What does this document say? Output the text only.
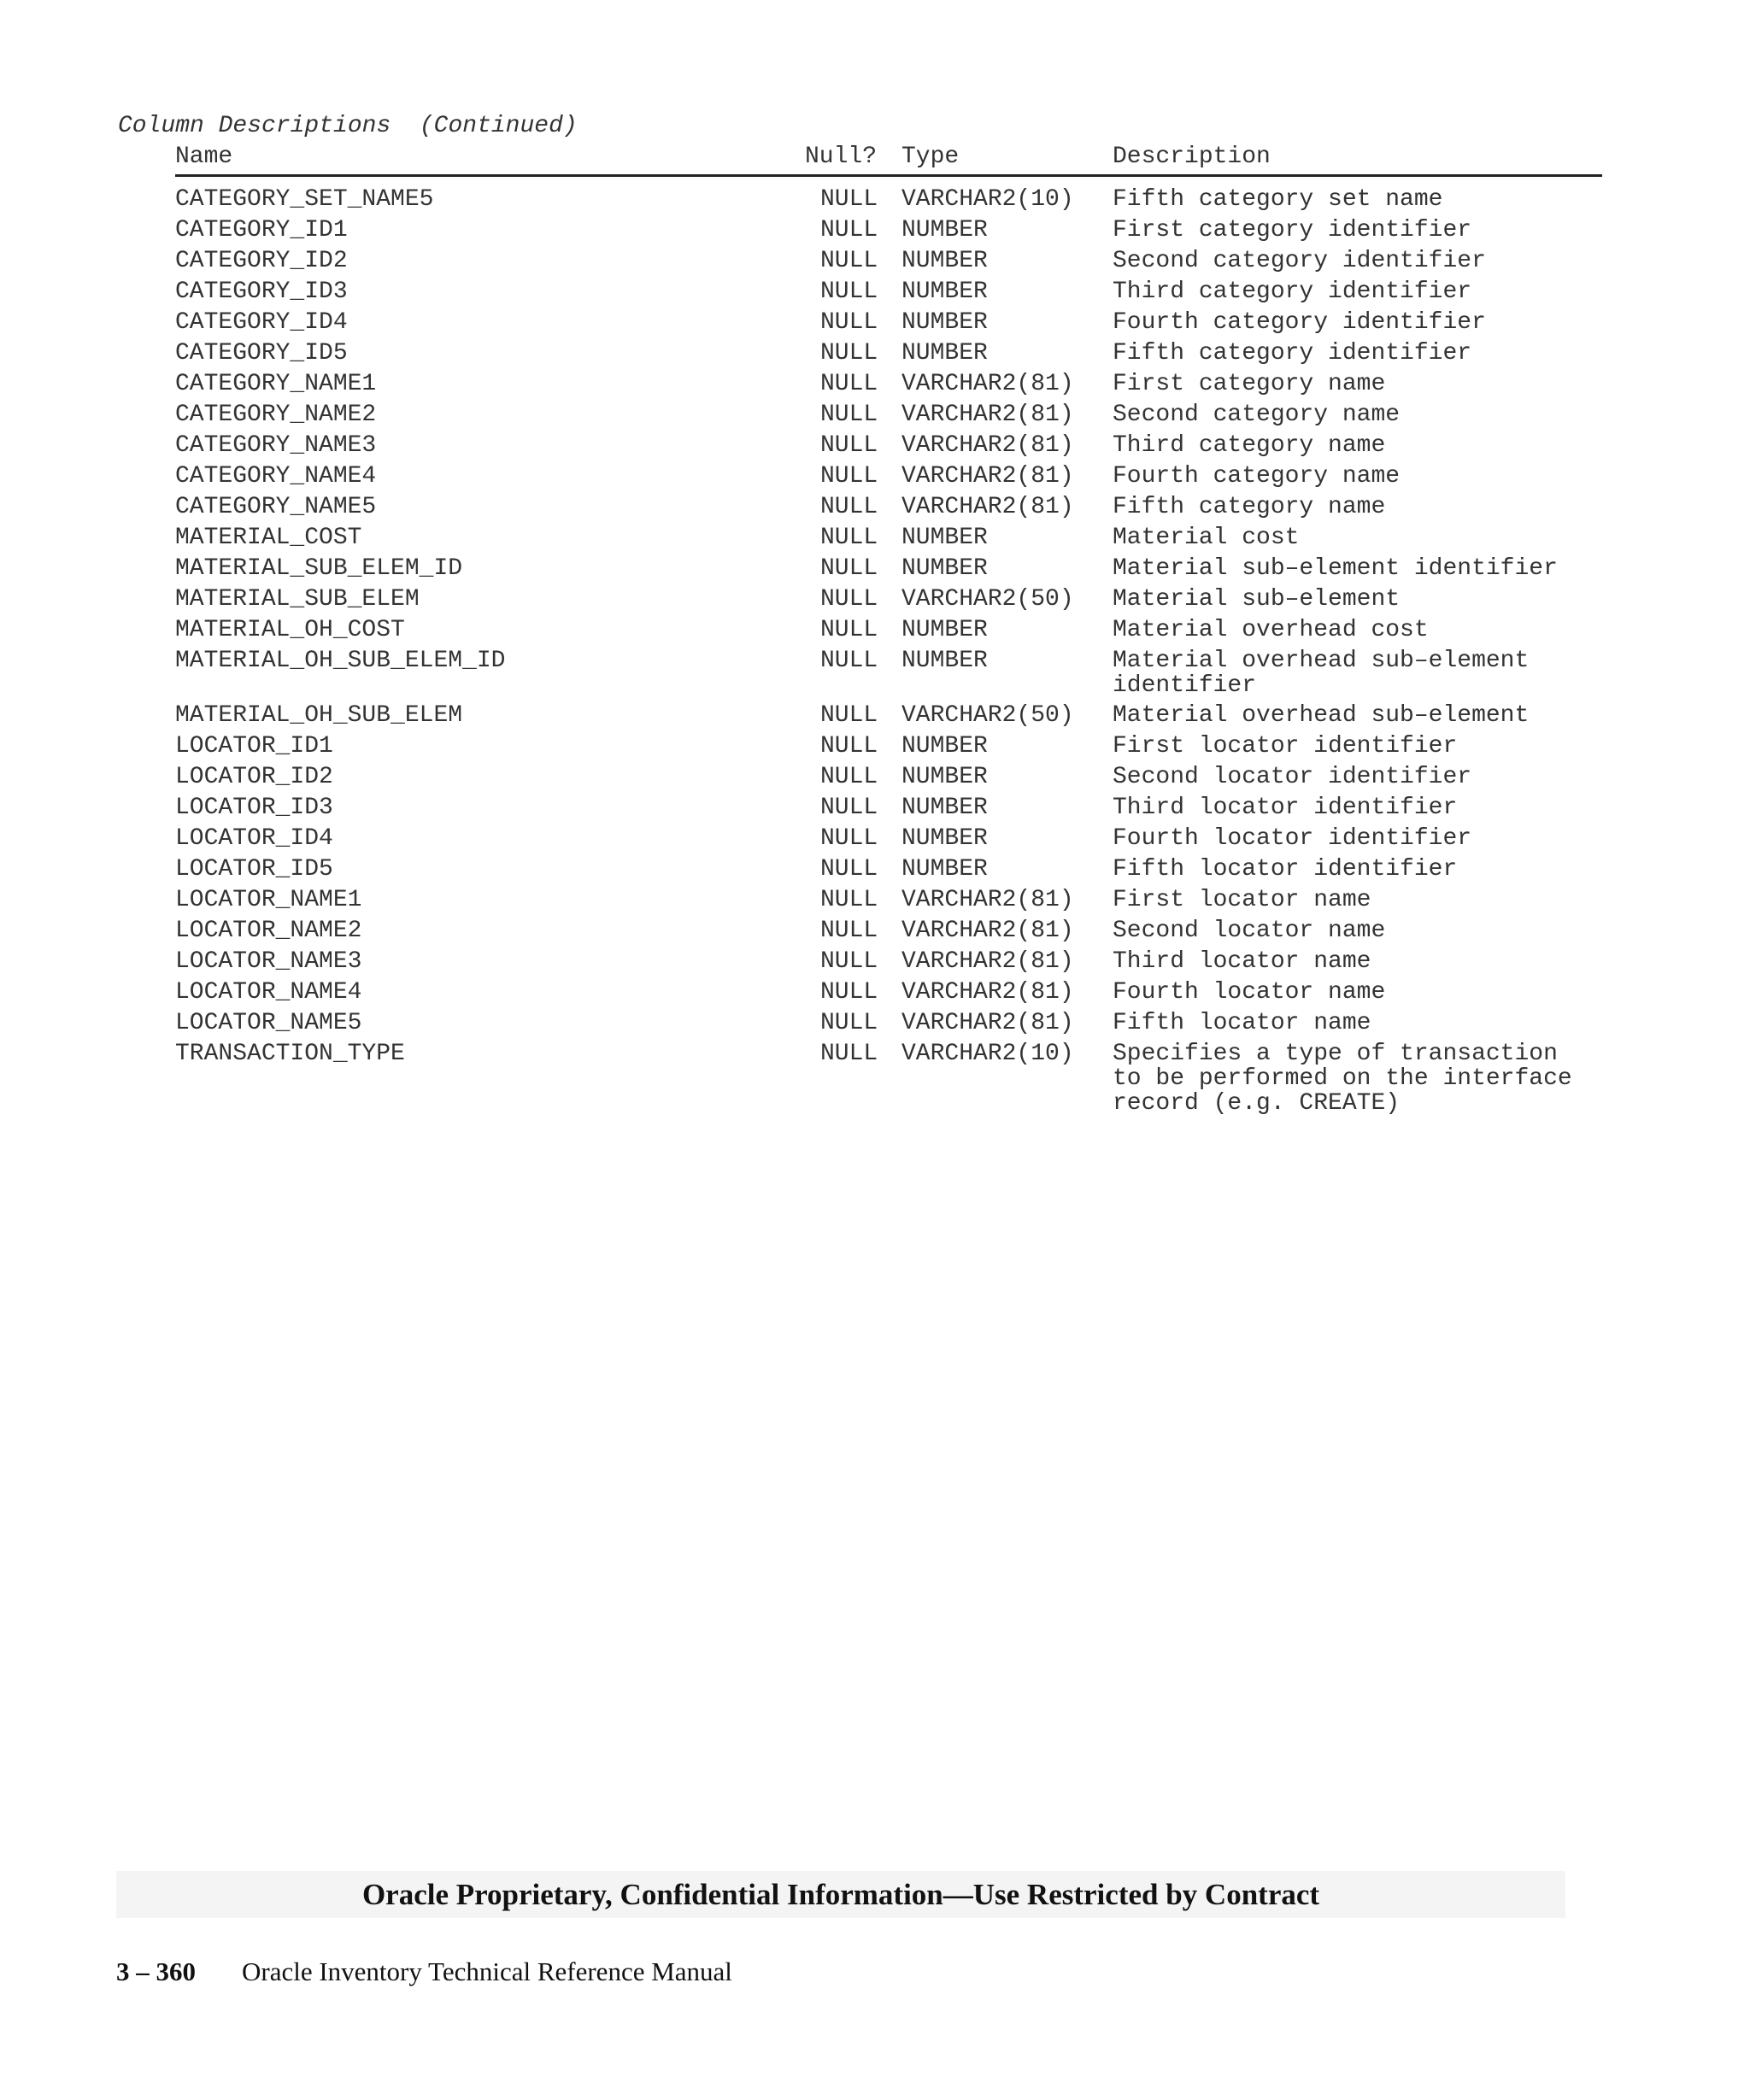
Column Descriptions  (Continued)
Name	Null? Type	Description
CATEGORY_SET_NAME5	NULL VARCHAR2(10) Fifth category set name
CATEGORY_ID1	NULL NUMBER	First category identifier
CATEGORY_ID2	NULL NUMBER	Second category identifier
CATEGORY_ID3	NULL NUMBER	Third category identifier
CATEGORY_ID4	NULL NUMBER	Fourth category identifier
CATEGORY_ID5	NULL NUMBER	Fifth category identifier
CATEGORY_NAME1	NULL VARCHAR2(81) First category name
CATEGORY_NAME2	NULL VARCHAR2(81) Second category name
CATEGORY_NAME3	NULL VARCHAR2(81) Third category name
CATEGORY_NAME4	NULL VARCHAR2(81) Fourth category name
CATEGORY_NAME5	NULL VARCHAR2(81) Fifth category name
MATERIAL_COST	NULL NUMBER	Material cost
MATERIAL_SUB_ELEM_ID	NULL NUMBER	Material sub–element identifier
MATERIAL_SUB_ELEM	NULL VARCHAR2(50) Material sub–element
MATERIAL_OH_COST	NULL NUMBER	Material overhead cost
MATERIAL_OH_SUB_ELEM_ID	NULL NUMBER	Material overhead sub–element identifier
MATERIAL_OH_SUB_ELEM	NULL VARCHAR2(50) Material overhead sub–element
LOCATOR_ID1	NULL NUMBER	First locator identifier
LOCATOR_ID2	NULL NUMBER	Second locator identifier
LOCATOR_ID3	NULL NUMBER	Third locator identifier
LOCATOR_ID4	NULL NUMBER	Fourth locator identifier
LOCATOR_ID5	NULL NUMBER	Fifth locator identifier
LOCATOR_NAME1	NULL VARCHAR2(81) First locator name
LOCATOR_NAME2	NULL VARCHAR2(81) Second locator name
LOCATOR_NAME3	NULL VARCHAR2(81) Third locator name
LOCATOR_NAME4	NULL VARCHAR2(81) Fourth locator name
LOCATOR_NAME5	NULL VARCHAR2(81) Fifth locator name
TRANSACTION_TYPE	NULL VARCHAR2(10) Specifies a type of transaction to be performed on the interface record (e.g. CREATE)
Oracle Proprietary, Confidential Information––Use Restricted by Contract
3 – 360 Oracle Inventory Technical Reference Manual
